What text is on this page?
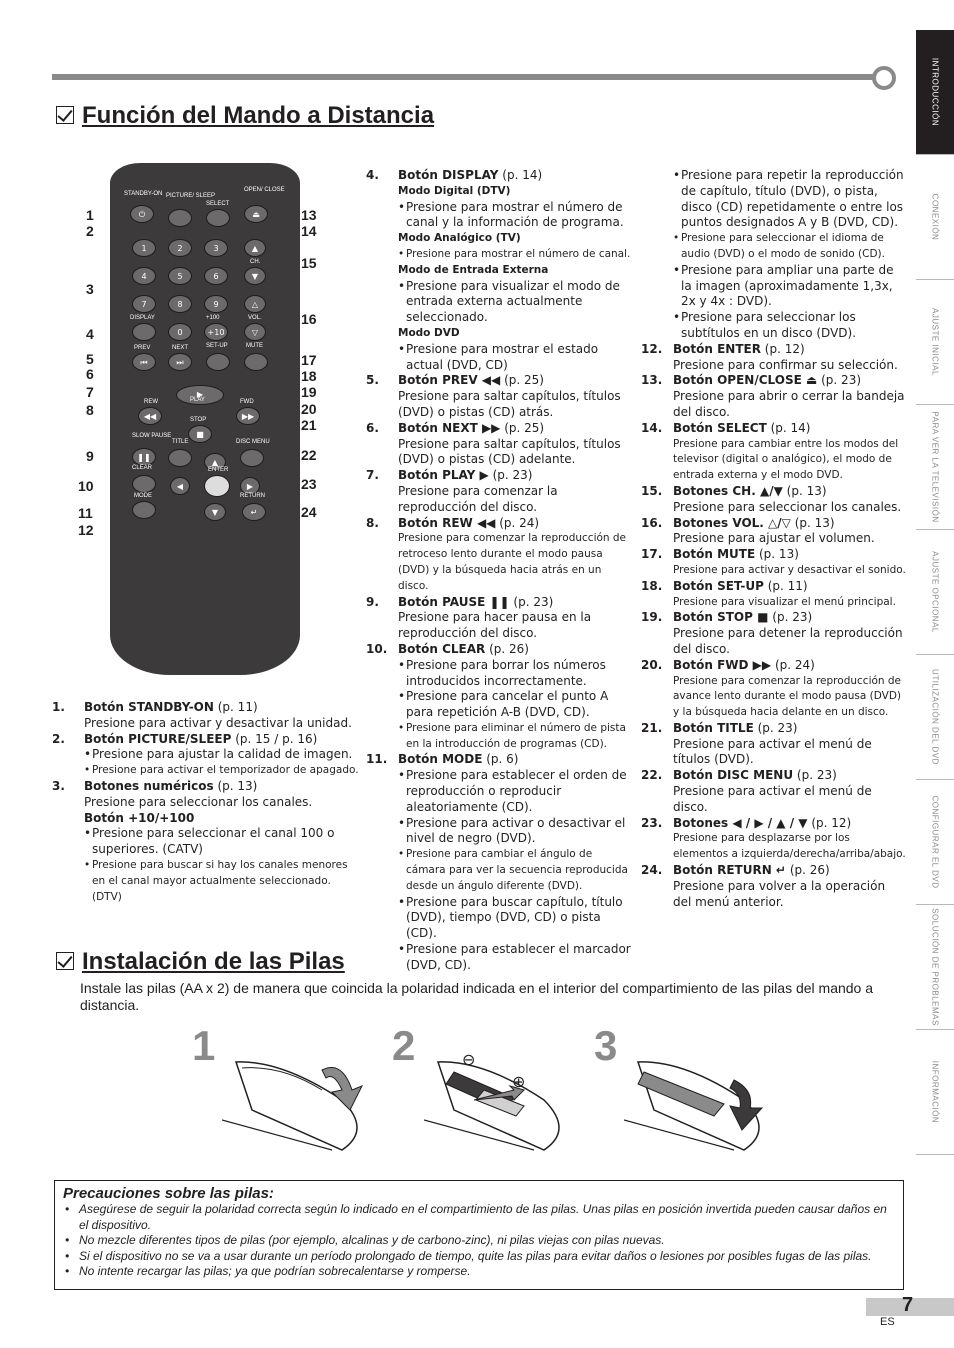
INTRODUCCIÓN
CONEXIÓN
AJUSTE INICIAL
PARA VER LA TELEVISIÓN
AJUSTE OPCIONAL
UTILIZACIÓN DEL DVD
CONFIGURAR EL DVD
SOLUCIÓN DE PROBLEMAS
INFORMACIÓN
Función del Mando a Distancia
STANDBY-ON
⏻
PICTURE/ SLEEP
SELECT
OPEN/ CLOSE
⏏
1	2	3
4	5	6
7	8	9
DISPLAY
0
+100
+10
▲
CH.
▼
△
VOL.
▽
PREV
⏮
NEXT
⏭
SET-UP	MUTE
▶
PLAY
REW
◀◀
FWD
▶▶
STOP
■
SLOW PAUSE
❚❚
TITLE	DISC MENU
CLEAR
▲
ENTER
◀	▶
▼
MODE	RETURN
↵
1
2
3
4
5
6
7
8
9
10
11
12
13
14
15
16
17
18
19
20
21
22
23
24
1. Botón STANDBY-ON (p. 11)
Presione para activar y desactivar la unidad.
2. Botón PICTURE/SLEEP (p. 15 / p. 16)
• Presione para ajustar la calidad de imagen.
• Presione para activar el temporizador de apagado.
3. Botones numéricos (p. 13)
Presione para seleccionar los canales.
Botón +10/+100
• Presione para seleccionar el canal 100 o superiores. (CATV)
• Presione para buscar si hay los canales menores en el canal mayor actualmente seleccionado. (DTV)
4. Botón DISPLAY (p. 14)
Modo Digital (DTV)
• Presione para mostrar el número de canal y la información de programa.
Modo Analógico (TV)
• Presione para mostrar el número de canal.
Modo de Entrada Externa
• Presione para visualizar el modo de entrada externa actualmente seleccionado.
Modo DVD
• Presione para mostrar el estado actual (DVD, CD)
5. Botón PREV ◀◀ (p. 25)
Presione para saltar capítulos, títulos (DVD) o pistas (CD) atrás.
6. Botón NEXT ▶▶ (p. 25)
Presione para saltar capítulos, títulos (DVD) o pistas (CD) adelante.
7. Botón PLAY ▶ (p. 23)
Presione para comenzar la reproducción del disco.
8. Botón REW ◀◀ (p. 24)
Presione para comenzar la reproducción de retroceso lento durante el modo pausa (DVD) y la búsqueda hacia atrás en un disco.
9. Botón PAUSE ❚❚ (p. 23)
Presione para hacer pausa en la reproducción del disco.
10. Botón CLEAR (p. 26)
• Presione para borrar los números introducidos incorrectamente.
• Presione para cancelar el punto A para repetición A-B (DVD, CD).
• Presione para eliminar el número de pista en la introducción de programas (CD).
11. Botón MODE (p. 6)
• Presione para establecer el orden de reproducción o reproducir aleatoriamente (CD).
• Presione para activar o desactivar el nivel de negro (DVD).
• Presione para cambiar el ángulo de cámara para ver la secuencia reproducida desde un ángulo diferente (DVD).
• Presione para buscar capítulo, título (DVD), tiempo (DVD, CD) o pista (CD).
• Presione para establecer el marcador (DVD, CD).
• Presione para repetir la reproducción de capítulo, título (DVD), o pista, disco (CD) repetidamente o entre los puntos designados A y B (DVD, CD).
• Presione para seleccionar el idioma de audio (DVD) o el modo de sonido (CD).
• Presione para ampliar una parte de la imagen (aproximadamente 1,3x, 2x y 4x : DVD).
• Presione para seleccionar los subtítulos en un disco (DVD).
12. Botón ENTER (p. 12)
Presione para confirmar su selección.
13. Botón OPEN/CLOSE ⏏ (p. 23)
Presione para abrir o cerrar la bandeja del disco.
14. Botón SELECT (p. 14)
Presione para cambiar entre los modos del televisor (digital o analógico), el modo de entrada externa y el modo DVD.
15. Botones CH. ▲/▼ (p. 13)
Presione para seleccionar los canales.
16. Botones VOL. △/▽ (p. 13)
Presione para ajustar el volumen.
17. Botón MUTE (p. 13)
Presione para activar y desactivar el sonido.
18. Botón SET-UP (p. 11)
Presione para visualizar el menú principal.
19. Botón STOP ■ (p. 23)
Presione para detener la reproducción del disco.
20. Botón FWD ▶▶ (p. 24)
Presione para comenzar la reproducción de avance lento durante el modo pausa (DVD) y la búsqueda hacia delante en un disco.
21. Botón TITLE (p. 23)
Presione para activar el menú de títulos (DVD).
22. Botón DISC MENU (p. 23)
Presione para activar el menú de disco.
23. Botones ◀ / ▶ / ▲ / ▼ (p. 12)
Presione para desplazarse por los elementos a izquierda/derecha/arriba/abajo.
24. Botón RETURN ↵ (p. 26)
Presione para volver a la operación del menú anterior.
Instalación de las Pilas
Instale las pilas (AA x 2) de manera que coincida la polaridad indicada en el interior del compartimiento de las pilas del mando a distancia.
1	2	3
⊖
⊕
Precauciones sobre las pilas:
• Asegúrese de seguir la polaridad correcta según lo indicado en el compartimiento de las pilas. Unas pilas en posición invertida pueden causar daños en el dispositivo.
• No mezcle diferentes tipos de pilas (por ejemplo, alcalinas y de carbono-zinc), ni pilas viejas con pilas nuevas.
• Si el dispositivo no se va a usar durante un período prolongado de tiempo, quite las pilas para evitar daños o lesiones por posibles fugas de las pilas.
• No intente recargar las pilas; ya que podrían sobrecalentarse y romperse.
7
ES
